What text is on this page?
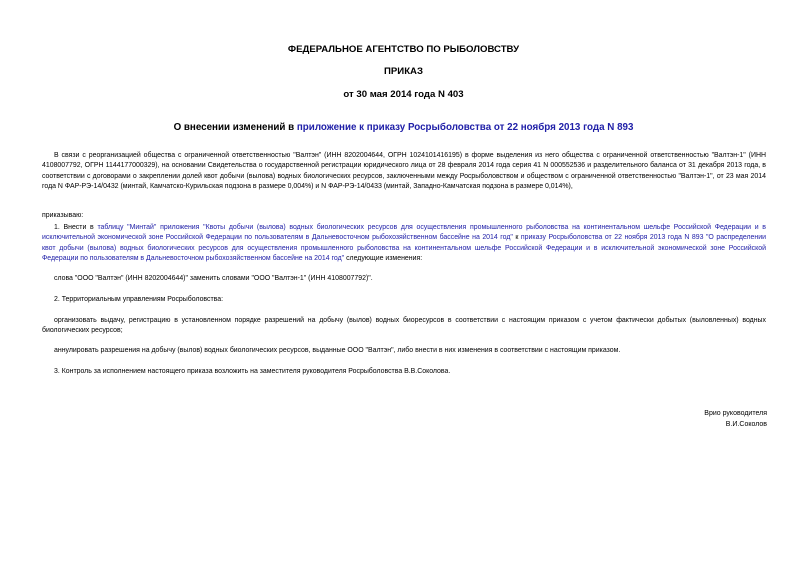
ФЕДЕРАЛЬНОЕ АГЕНТСТВО ПО РЫБОЛОВСТВУ
ПРИКАЗ
от 30 мая 2014 года N 403
О внесении изменений в приложение к приказу Росрыболовства от 22 ноября 2013 года N 893
В связи с реорганизацией общества с ограниченной ответственностью "Валтэн" (ИНН 8202004644, ОГРН 1024101416195) в форме выделения из него общества с ограниченной ответственностью "Валтэн-1" (ИНН 4108007792, ОГРН 1144177000329), на основании Свидетельства о государственной регистрации юридического лица от 28 февраля 2014 года серия 41 N 000552536 и разделительного баланса от 31 декабря 2013 года, в соответствии с договорами о закреплении долей квот добычи (вылова) водных биологических ресурсов, заключенными между Росрыболовством и обществом с ограниченной ответственностью "Валтэн-1", от 23 мая 2014 года N ФАР-РЭ-14/0432 (минтай, Камчатско-Курильская подзона в размере 0,004%) и N ФАР-РЭ-14/0433 (минтай, Западно-Камчатская подзона в размере 0,014%),
приказываю:
1. Внести в таблицу "Минтай" приложения "Квоты добычи (вылова) водных биологических ресурсов для осуществления промышленного рыболовства на континентальном шельфе Российской Федерации и в исключительной экономической зоне Российской Федерации по пользователям в Дальневосточном рыбохозяйственном бассейне на 2014 год" к приказу Росрыболовства от 22 ноября 2013 года N 893 "О распределении квот добычи (вылова) водных биологических ресурсов для осуществления промышленного рыболовства на континентальном шельфе Российской Федерации и в исключительной экономической зоне Российской Федерации по пользователям в Дальневосточном рыбохозяйственном бассейне на 2014 год" следующие изменения:
слова "ООО "Валтэн" (ИНН 8202004644)" заменить словами "ООО "Валтэн-1" (ИНН 4108007792)".
2. Территориальным управлениям Росрыболовства:
организовать выдачу, регистрацию в установленном порядке разрешений на добычу (вылов) водных биоресурсов в соответствии с настоящим приказом с учетом фактически добытых (выловленных) водных биологических ресурсов;
аннулировать разрешения на добычу (вылов) водных биологических ресурсов, выданные ООО "Валтэн", либо внести в них изменения в соответствии с настоящим приказом.
3. Контроль за исполнением настоящего приказа возложить на заместителя руководителя Росрыболовства В.В.Соколова.
Врио руководителя
В.И.Соколов
